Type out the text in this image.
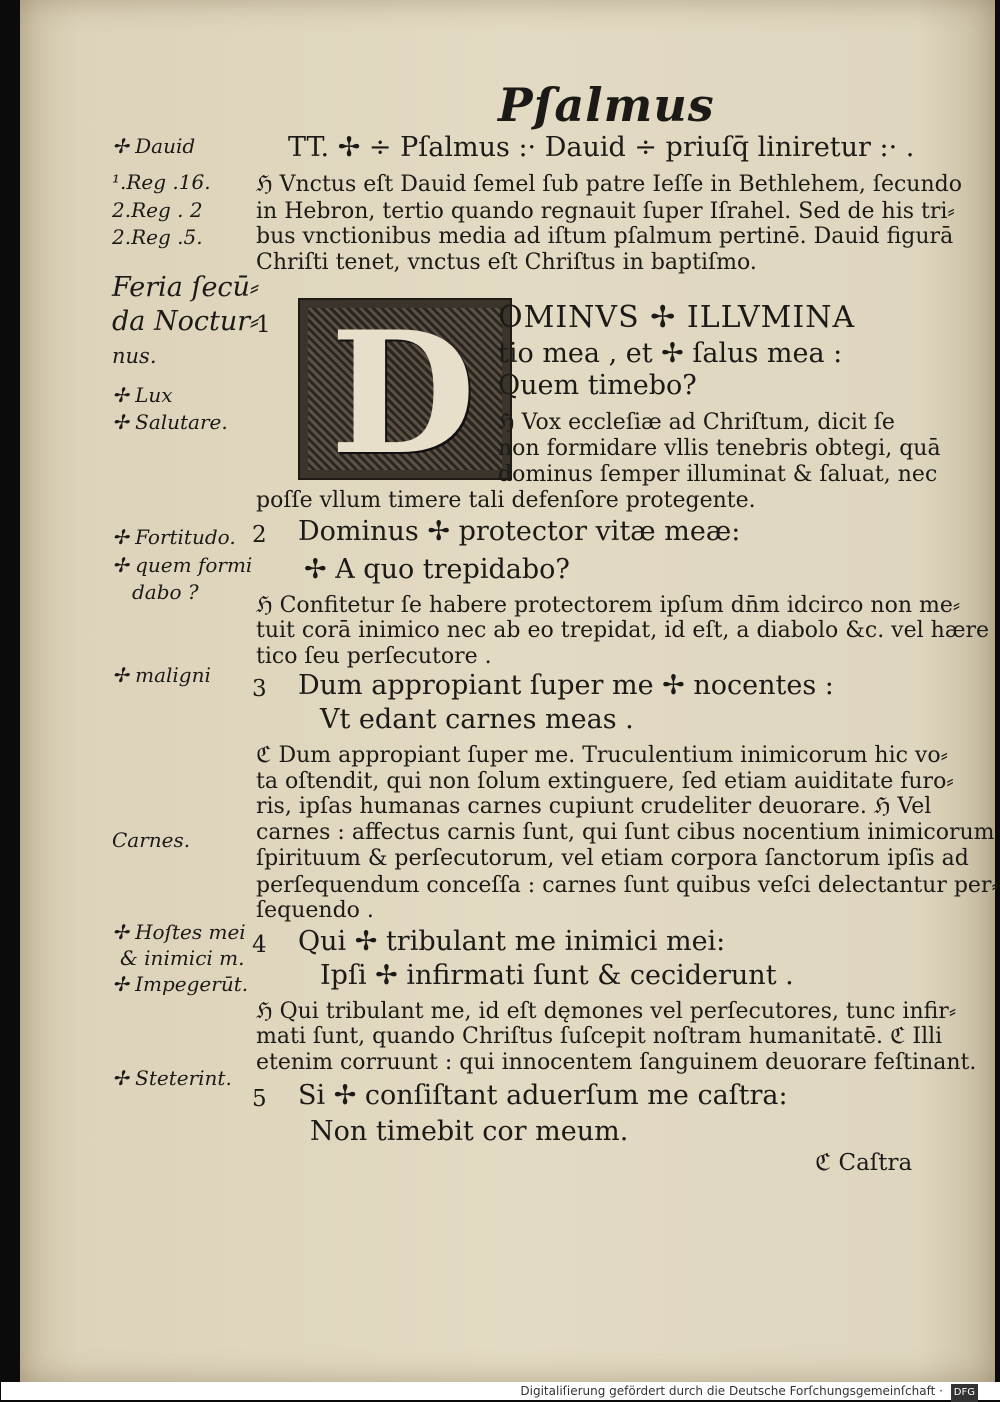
Pſalmus
✢ Dauid
¹.Reg .16.
2.Reg . 2
2.Reg .5.
Feria ſecū⸗
da Noctur⸗
nus.
✢ Lux
✢ Salutare.
✢ Fortitudo.
✢ quem formi
dabo ?
✢ maligni
Carnes.
✢ Hoſtes mei
& inimici m.
✢ Impegerūt.
✢ Steterint.
TT. ✢ ÷ Pſalmus :· Dauid ÷ priuſq̄ liniretur :· .
ℌ Vnctus eſt Dauid ſemel ſub patre Ieſſe in Bethlehem, ſecundo
in Hebron, tertio quando regnauit ſuper Iſrahel. Sed de his tri⸗
bus vnctionibus media ad iſtum pſalmum pertinē. Dauid figurā
Chriſti tenet, vnctus eſt Chriſtus in baptiſmo.
1 D OMINVS ✢ ILLVMINA
tio mea , et ✢ ſalus mea :
Quem timebo?
ℌ Vox eccleſiæ ad Chriſtum, dicit ſe
non formidare vllis tenebris obtegi, quā
dominus ſemper illuminat & ſaluat, nec
poſſe vllum timere tali defenſore protegente.
2 Dominus ✢ protector vitæ meæ:
✢ A quo trepidabo?
ℌ Confitetur ſe habere protectorem ipſum dn̄m idcirco non me⸗
tuit corā inimico nec ab eo trepidat, id eſt, a diabolo &c. vel hære
tico ſeu perſecutore .
3 Dum appropiant ſuper me ✢ nocentes :
Vt edant carnes meas .
ℭ Dum appropiant ſuper me. Truculentium inimicorum hic vo⸗
ta oſtendit, qui non ſolum extinguere, ſed etiam auiditate furo⸗
ris, ipſas humanas carnes cupiunt crudeliter deuorare. ℌ Vel
carnes : affectus carnis ſunt, qui ſunt cibus nocentium inimicorum
ſpirituum & perſecutorum, vel etiam corpora ſanctorum ipſis ad
perſequendum conceſſa : carnes ſunt quibus veſci delectantur per⸗
ſequendo .
4 Qui ✢ tribulant me inimici mei:
Ipſi ✢ infirmati ſunt & ceciderunt .
ℌ Qui tribulant me, id eſt dęmones vel perſecutores, tunc infir⸗
mati ſunt, quando Chriſtus ſuſcepit noſtram humanitatē. ℭ Illi
etenim corruunt : qui innocentem ſanguinem deuorare feſtinant.
5 Si ✢ conſiſtant aduerſum me caſtra:
Non timebit cor meum.
ℭ Caſtra
Digitaliſierung gefördert durch die Deutsche Forſchungsgemeinſchaft · DFG
